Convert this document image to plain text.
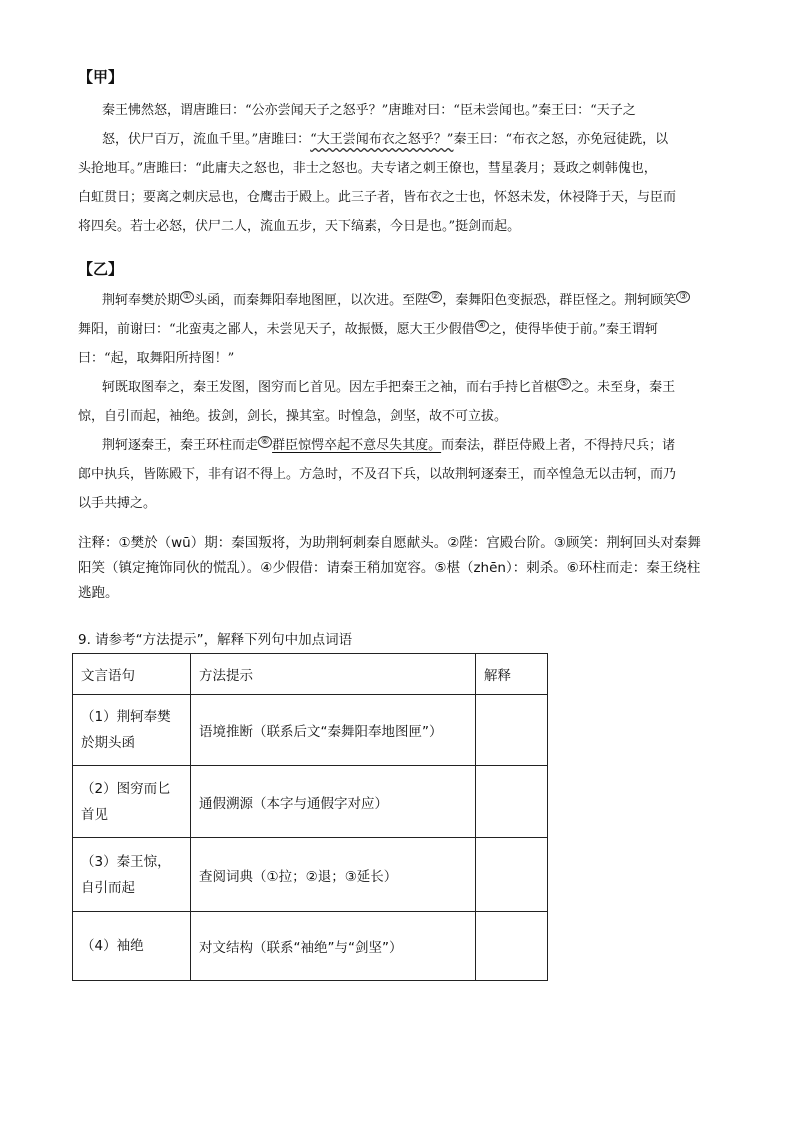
【甲】
秦王怫然怒，谓唐雎曰：“公亦尝闻天子之怒乎？”唐雎对曰：“臣未尝闻也。”秦王曰：“天子之
怒，伏尸百万，流血千里。”唐雎曰：“大王尝闻布衣之怒乎？”秦王曰：“布衣之怒，亦免冠徒跣，以
头抢地耳。”唐雎曰：“此庸夫之怒也，非士之怒也。夫专诸之刺王僚也，彗星袭月；聂政之刺韩傀也，
白虹贯日；要离之刺庆忌也，仓鹰击于殿上。此三子者，皆布衣之士也，怀怒未发，休祲降于天，与臣而
将四矣。若士必怒，伏尸二人，流血五步，天下缟素，今日是也。”挺剑而起。
【乙】
荆轲奉樊於期 ① 头函，而秦舞阳奉地图匣，以次进。至陛 ② ，秦舞阳色变振恐，群臣怪之。荆轲顾笑 ③
舞阳，前谢曰：“北蛮夷之鄙人，未尝见天子，故振慑，愿大王少假借 ④ 之，使得毕使于前。”秦王谓轲
曰：“起，取舞阳所持图！”
轲既取图奉之，秦王发图，图穷而匕首见。因左手把秦王之袖，而右手持匕首椹 ⑤ 之。未至身，秦王
惊，自引而起，袖绝。拔剑，剑长，操其室。时惶急，剑坚，故不可立拔。
荆轲逐秦王，秦王环柱而走 ⑥ 群臣惊愕卒起不意尽失其度。而秦法，群臣侍殿上者，不得持尺兵；诸
郎中执兵，皆陈殿下，非有诏不得上。方急时，不及召下兵，以故荆轲逐秦王，而卒惶急无以击轲，而乃
以手共搏之。
注释：①樊於（wū）期：秦国叛将，为助荆轲刺秦自愿献头。②陛：宫殿台阶。③顾笑：荆轲回头对秦舞
阳笑（镇定掩饰同伙的慌乱）。④少假借：请秦王稍加宽容。⑤椹（zhēn）：刺杀。⑥环柱而走：秦王绕柱
逃跑。
9. 请参考“方法提示”，解释下列句中加点词语
文言语句	方法提示	解释

（1）荆轲奉樊
於期头函	语境推断（联系后文“秦舞阳奉地图匣”）	

（2）图穷而匕
首见	通假溯源（本字与通假字对应）	

（3）秦王惊，
自引而起	查阅词典（①拉；②退；③延长）	

（4）袖绝	对文结构（联系“袖绝”与“剑坚”）	
